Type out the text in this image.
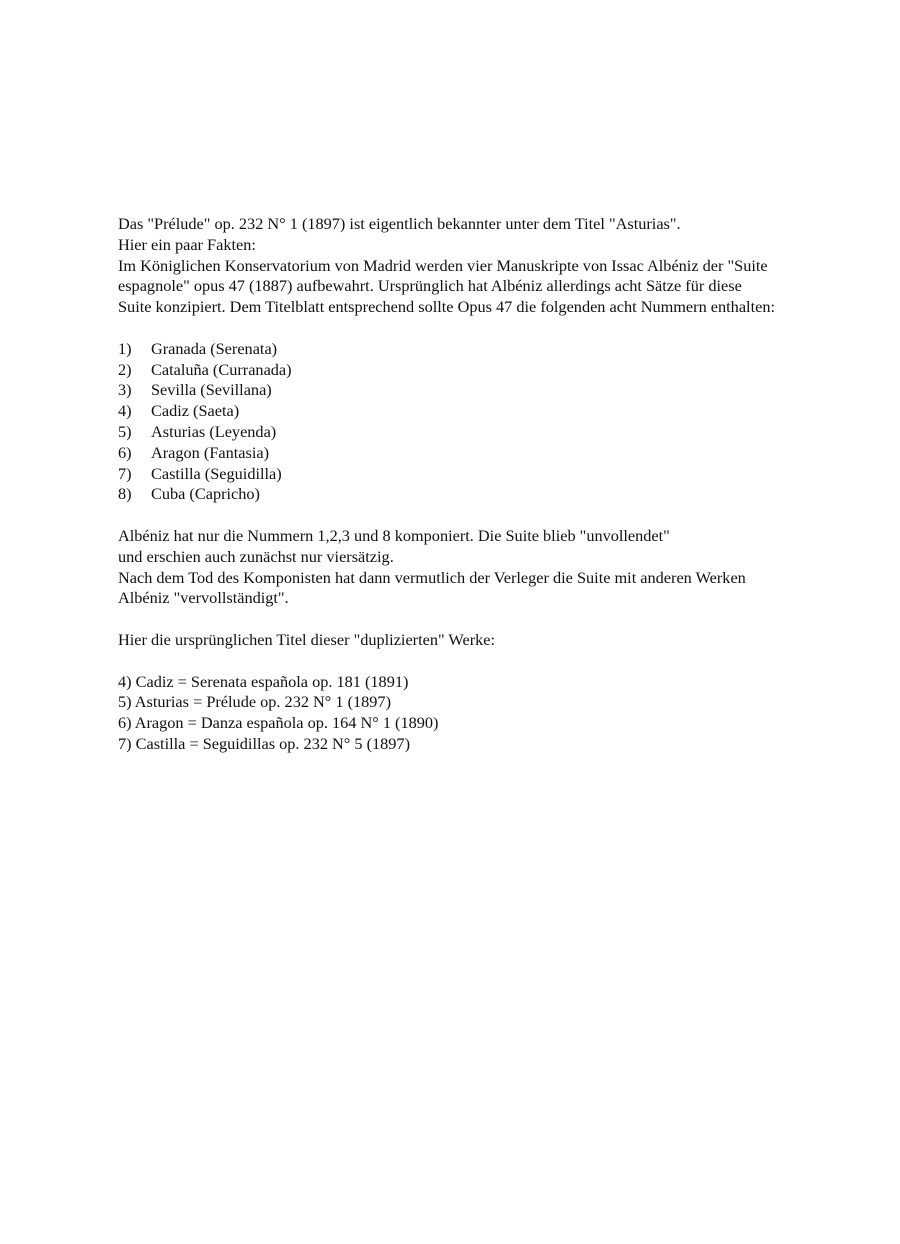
Das "Prélude" op. 232 N° 1 (1897) ist eigentlich bekannter unter dem Titel "Asturias".

Hier ein paar Fakten:

Im Königlichen Konservatorium von Madrid werden vier Manuskripte von Issac Albéniz der "Suite espagnole" opus 47 (1887) aufbewahrt. Ursprünglich hat Albéniz allerdings acht Sätze für diese Suite konzipiert. Dem Titelblatt entsprechend sollte Opus 47 die folgenden acht Nummern enthalten:

1)	Granada (Serenata)
2)	Cataluña (Curranada)
3)	Sevilla (Sevillana)
4)	Cadiz (Saeta)
5)	Asturias (Leyenda)
6)	Aragon (Fantasia)
7)	Castilla (Seguidilla)
8)	Cuba (Capricho)

Albéniz hat nur die Nummern 1,2,3 und 8 komponiert. Die Suite blieb "unvollendet"

und erschien auch zunächst nur viersätzig.

Nach dem Tod des Komponisten hat dann vermutlich der Verleger die Suite mit anderen Werken Albéniz "vervollständigt".

Hier die ursprünglichen Titel dieser "duplizierten" Werke:

4) Cadiz = Serenata española op. 181 (1891)
5) Asturias = Prélude op. 232 N° 1 (1897)
6) Aragon = Danza española op. 164 N° 1 (1890)
7) Castilla = Seguidillas op. 232 N° 5 (1897)
